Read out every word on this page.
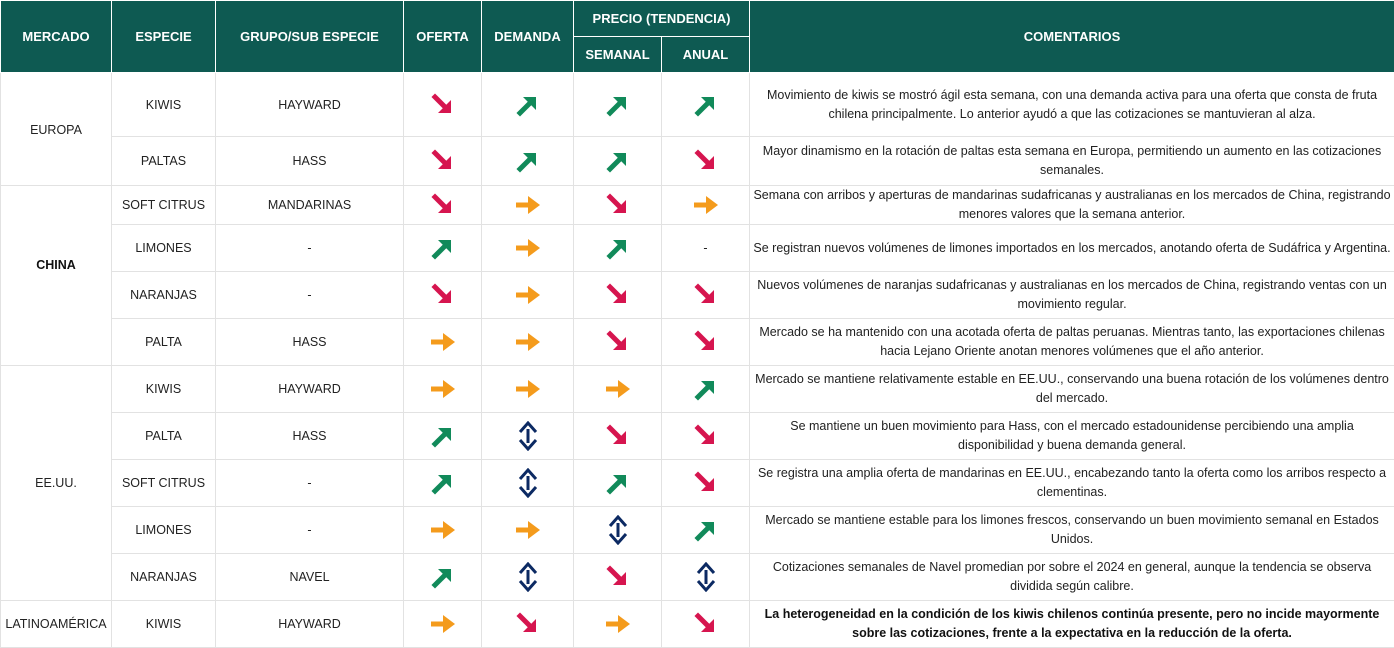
MERCADO	ESPECIE	GRUPO/SUB ESPECIE	OFERTA	DEMANDA	PRECIO (TENDENCIA)		COMENTARIOS
					SEMANAL	ANUAL	
EUROPA	KIWIS	HAYWARD					Movimiento de kiwis se mostró ágil esta semana, con una demanda activa para una oferta que consta de fruta chilena principalmente. Lo anterior ayudó a que las cotizaciones se mantuvieran al alza.

	PALTAS	HASS					Mayor dinamismo en la rotación de paltas esta semana en Europa, permitiendo un aumento en las cotizaciones semanales.

	SOFT CITRUS	MANDARINAS					Semana con arribos y aperturas de mandarinas sudafricanas y australianas en los mercados de China, registrando menores valores que la semana anterior.

CHINA	LIMONES	-				-	Se registran nuevos volúmenes de limones importados en los mercados, anotando oferta de Sudáfrica y Argentina.

	NARANJAS	-					Nuevos volúmenes de naranjas sudafricanas y australianas en los mercados de China, registrando ventas con un movimiento regular.

	PALTA	HASS					Mercado se ha mantenido con una acotada oferta de paltas peruanas. Mientras tanto, las exportaciones chilenas hacia Lejano Oriente anotan menores volúmenes que el año anterior.

	KIWIS	HAYWARD					Mercado se mantiene relativamente estable en EE.UU., conservando una buena rotación de los volúmenes dentro del mercado.

	PALTA	HASS					Se mantiene un buen movimiento para Hass, con el mercado estadounidense percibiendo una amplia disponibilidad y buena demanda general.

EE.UU.	SOFT CITRUS	-					Se registra una amplia oferta de mandarinas en EE.UU., encabezando tanto la oferta como los arribos respecto a clementinas.

	LIMONES	-					Mercado se mantiene estable para los limones frescos, conservando un buen movimiento semanal en Estados Unidos.

	NARANJAS	NAVEL					Cotizaciones semanales de Navel promedian por sobre el 2024 en general, aunque la tendencia se observa dividida según calibre.

LATINOAMÉRICA	KIWIS	HAYWARD					La heterogeneidad en la condición de los kiwis chilenos continúa presente, pero no incide mayormente sobre las cotizaciones, frente a la expectativa en la reducción de la oferta.
